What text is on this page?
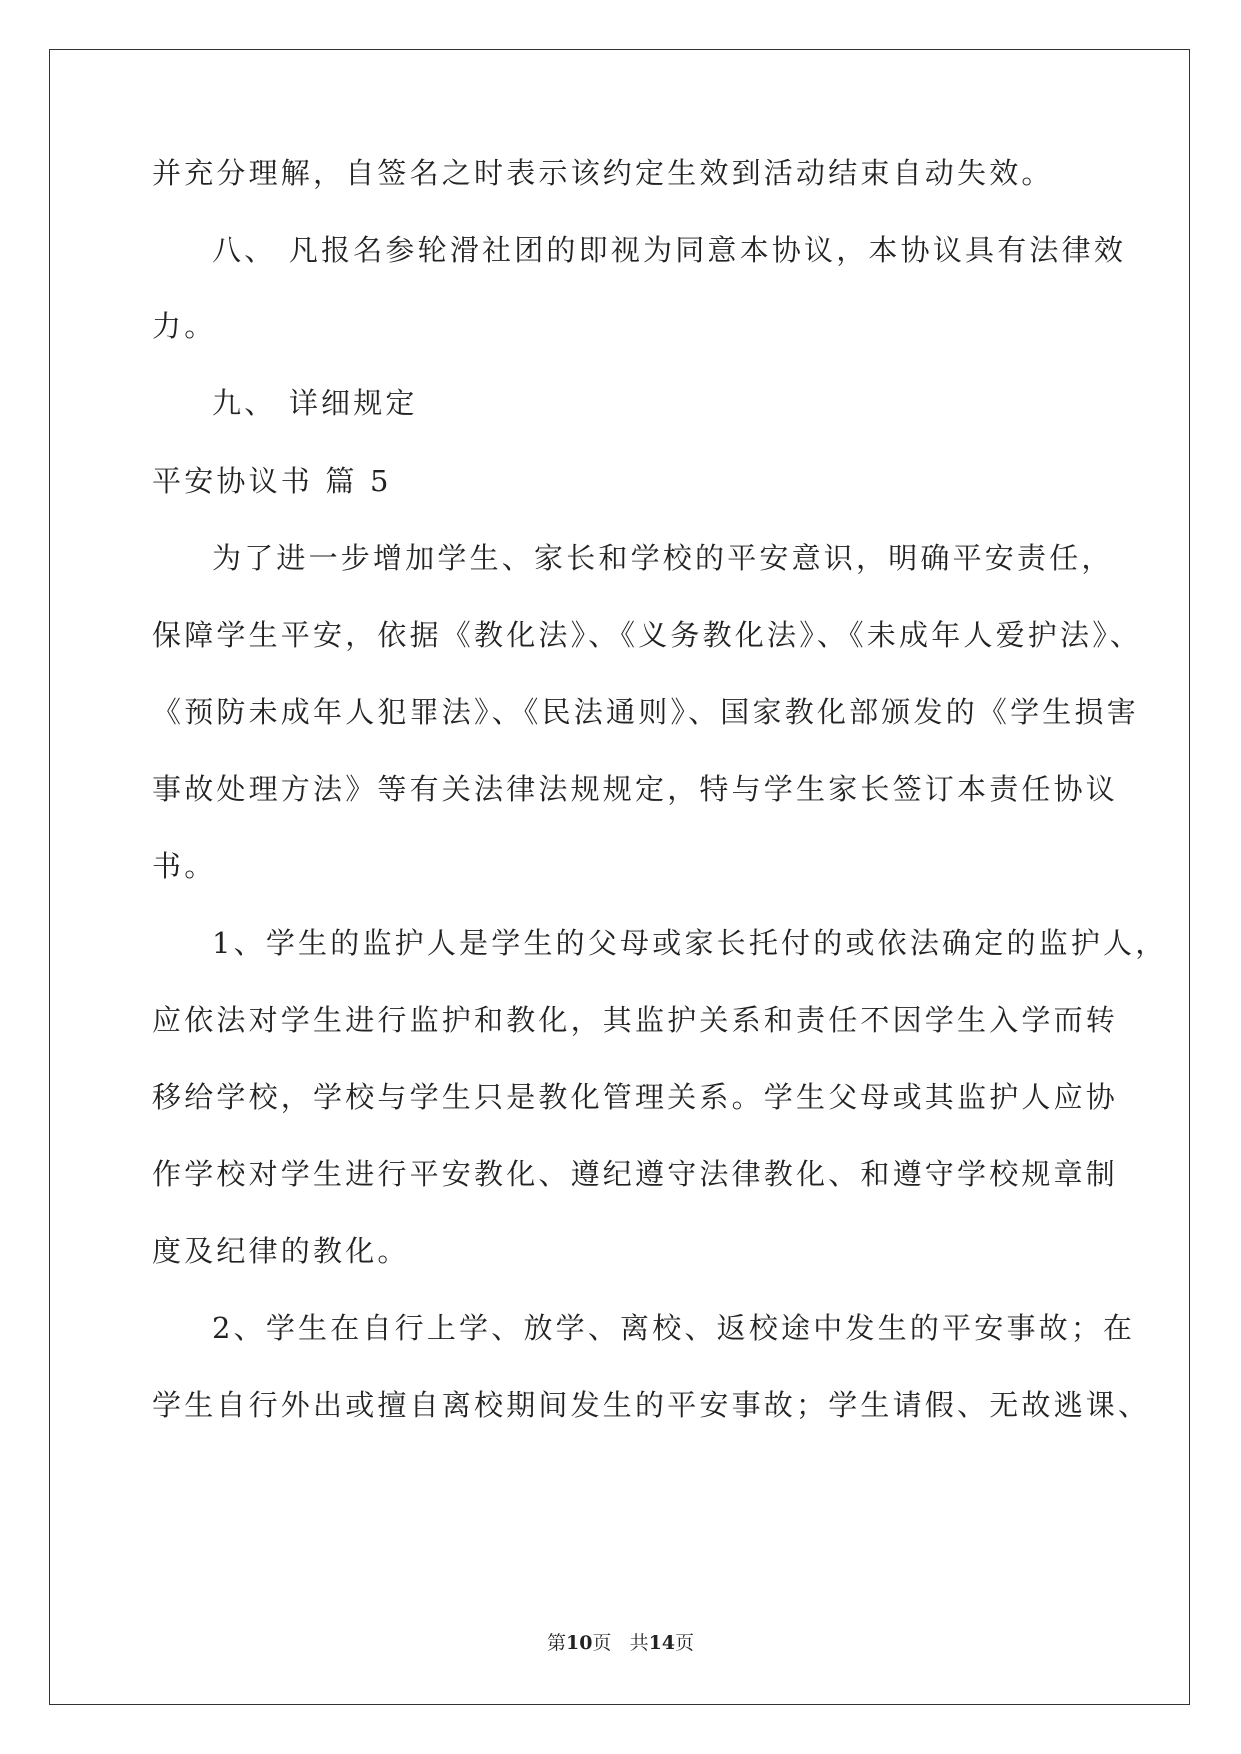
并充分理解，自签名之时表示该约定生效到活动结束自动失效。
八、 凡报名参轮滑社团的即视为同意本协议，本协议具有法律效
力。
九、 详细规定
平安协议书 篇 5
为了进一步增加学生、家长和学校的平安意识，明确平安责任，
保障学生平安，依据《教化法》、《义务教化法》、《未成年人爱护法》、
《预防未成年人犯罪法》、《民法通则》、国家教化部颁发的《学生损害
事故处理方法》等有关法律法规规定，特与学生家长签订本责任协议
书。
1、学生的监护人是学生的父母或家长托付的或依法确定的监护人，
应依法对学生进行监护和教化，其监护关系和责任不因学生入学而转
移给学校，学校与学生只是教化管理关系。学生父母或其监护人应协
作学校对学生进行平安教化、遵纪遵守法律教化、和遵守学校规章制
度及纪律的教化。
2、学生在自行上学、放学、离校、返校途中发生的平安事故；在
学生自行外出或擅自离校期间发生的平安事故；学生请假、无故逃课、
第10页 共14页
